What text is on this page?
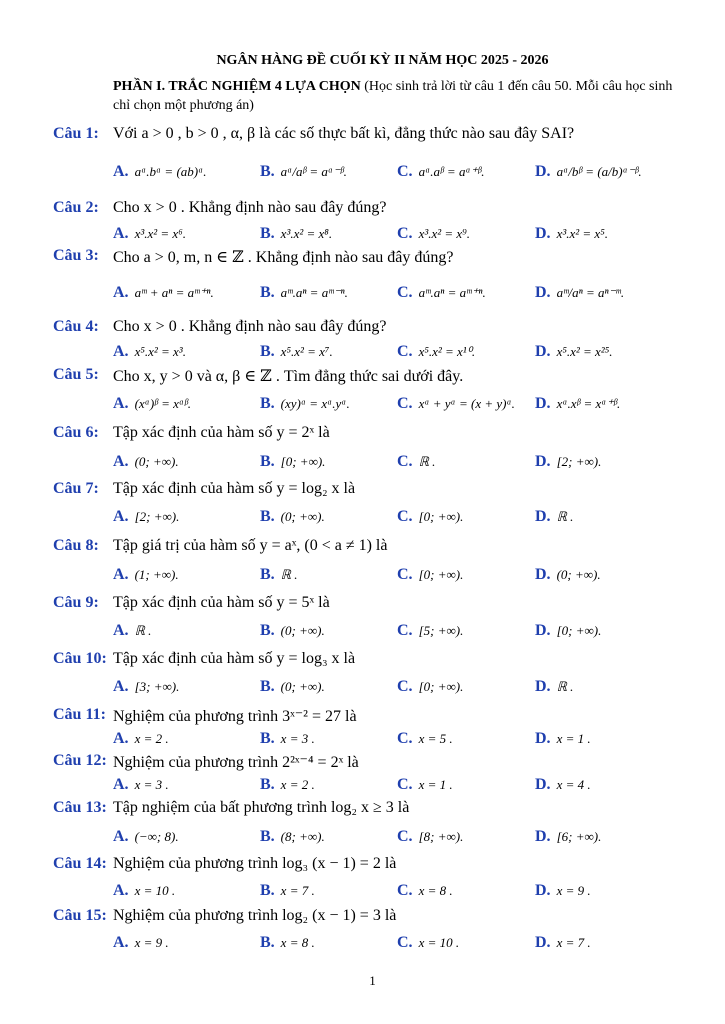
NGÂN HÀNG ĐỀ CUỐI KỲ II NĂM HỌC 2025 - 2026
PHẦN I. TRẮC NGHIỆM 4 LỰA CHỌN (Học sinh trả lời từ câu 1 đến câu 50. Mỗi câu học sinh chỉ chọn một phương án)
Câu 1: Với a > 0 , b > 0 , α, β là các số thực bất kì, đẳng thức nào sau đây SAI?
A. aᵅ.bᵅ = (ab)ᵅ.	B. aᵅ/aᵝ = aᵅ⁻ᵝ.	C. aᵅ.aᵝ = aᵅ⁺ᵝ.	D. aᵅ/bᵝ = (a/b)ᵅ⁻ᵝ.
Câu 2: Cho x > 0 . Khẳng định nào sau đây đúng?
A. x³.x² = x⁶.	B. x³.x² = x⁸.	C. x³.x² = x⁹.	D. x³.x² = x⁵.
Câu 3: Cho a > 0, m, n ∈ ℤ . Khẳng định nào sau đây đúng?
A. aᵐ + aⁿ = aᵐ⁺ⁿ.	B. aᵐ.aⁿ = aᵐ⁻ⁿ.	C. aᵐ.aⁿ = aᵐ⁺ⁿ.	D. aᵐ/aⁿ = aⁿ⁻ᵐ.
Câu 4: Cho x > 0 . Khẳng định nào sau đây đúng?
A. x⁵.x² = x³.	B. x⁵.x² = x⁷.	C. x⁵.x² = x¹⁰.	D. x⁵.x² = x²⁵.
Câu 5: Cho x, y > 0 và α, β ∈ ℤ . Tìm đẳng thức sai dưới đây.
A. (xᵅ)ᵝ = xᵅᵝ.	B. (xy)ᵅ = xᵅ.yᵅ.	C. xᵅ + yᵅ = (x + y)ᵅ. D. xᵅ.xᵝ = xᵅ⁺ᵝ.
Câu 6: Tập xác định của hàm số y = 2ˣ là
A. (0; +∞).	B. [0; +∞).	C. ℝ .	D. [2; +∞).
Câu 7: Tập xác định của hàm số y = log₂ x là
A. [2; +∞).	B. (0; +∞).	C. [0; +∞).	D. ℝ .
Câu 8: Tập giá trị của hàm số y = aˣ, (0 < a ≠ 1) là
A. (1; +∞).	B. ℝ .	C. [0; +∞).	D. (0; +∞).
Câu 9: Tập xác định của hàm số y = 5ˣ là
A. ℝ .	B. (0; +∞).	C. [5; +∞).	D. [0; +∞).
Câu 10: Tập xác định của hàm số y = log₃ x là
A. [3; +∞).	B. (0; +∞).	C. [0; +∞).	D. ℝ .
Câu 11: Nghiệm của phương trình 3ˣ⁻² = 27 là
A. x = 2 .	B. x = 3 .	C. x = 5 .	D. x = 1 .
Câu 12: Nghiệm của phương trình 2²ˣ⁻⁴ = 2ˣ là
A. x = 3 .	B. x = 2 .	C. x = 1 .	D. x = 4 .
Câu 13: Tập nghiệm của bất phương trình log₂ x ≥ 3 là
A. (−∞; 8).	B. (8; +∞).	C. [8; +∞).	D. [6; +∞).
Câu 14: Nghiệm của phương trình log₃ (x − 1) = 2 là
A. x = 10 .	B. x = 7 .	C. x = 8 .	D. x = 9 .
Câu 15: Nghiệm của phương trình log₂ (x − 1) = 3 là
A. x = 9 .	B. x = 8 .	C. x = 10 .	D. x = 7 .
1
